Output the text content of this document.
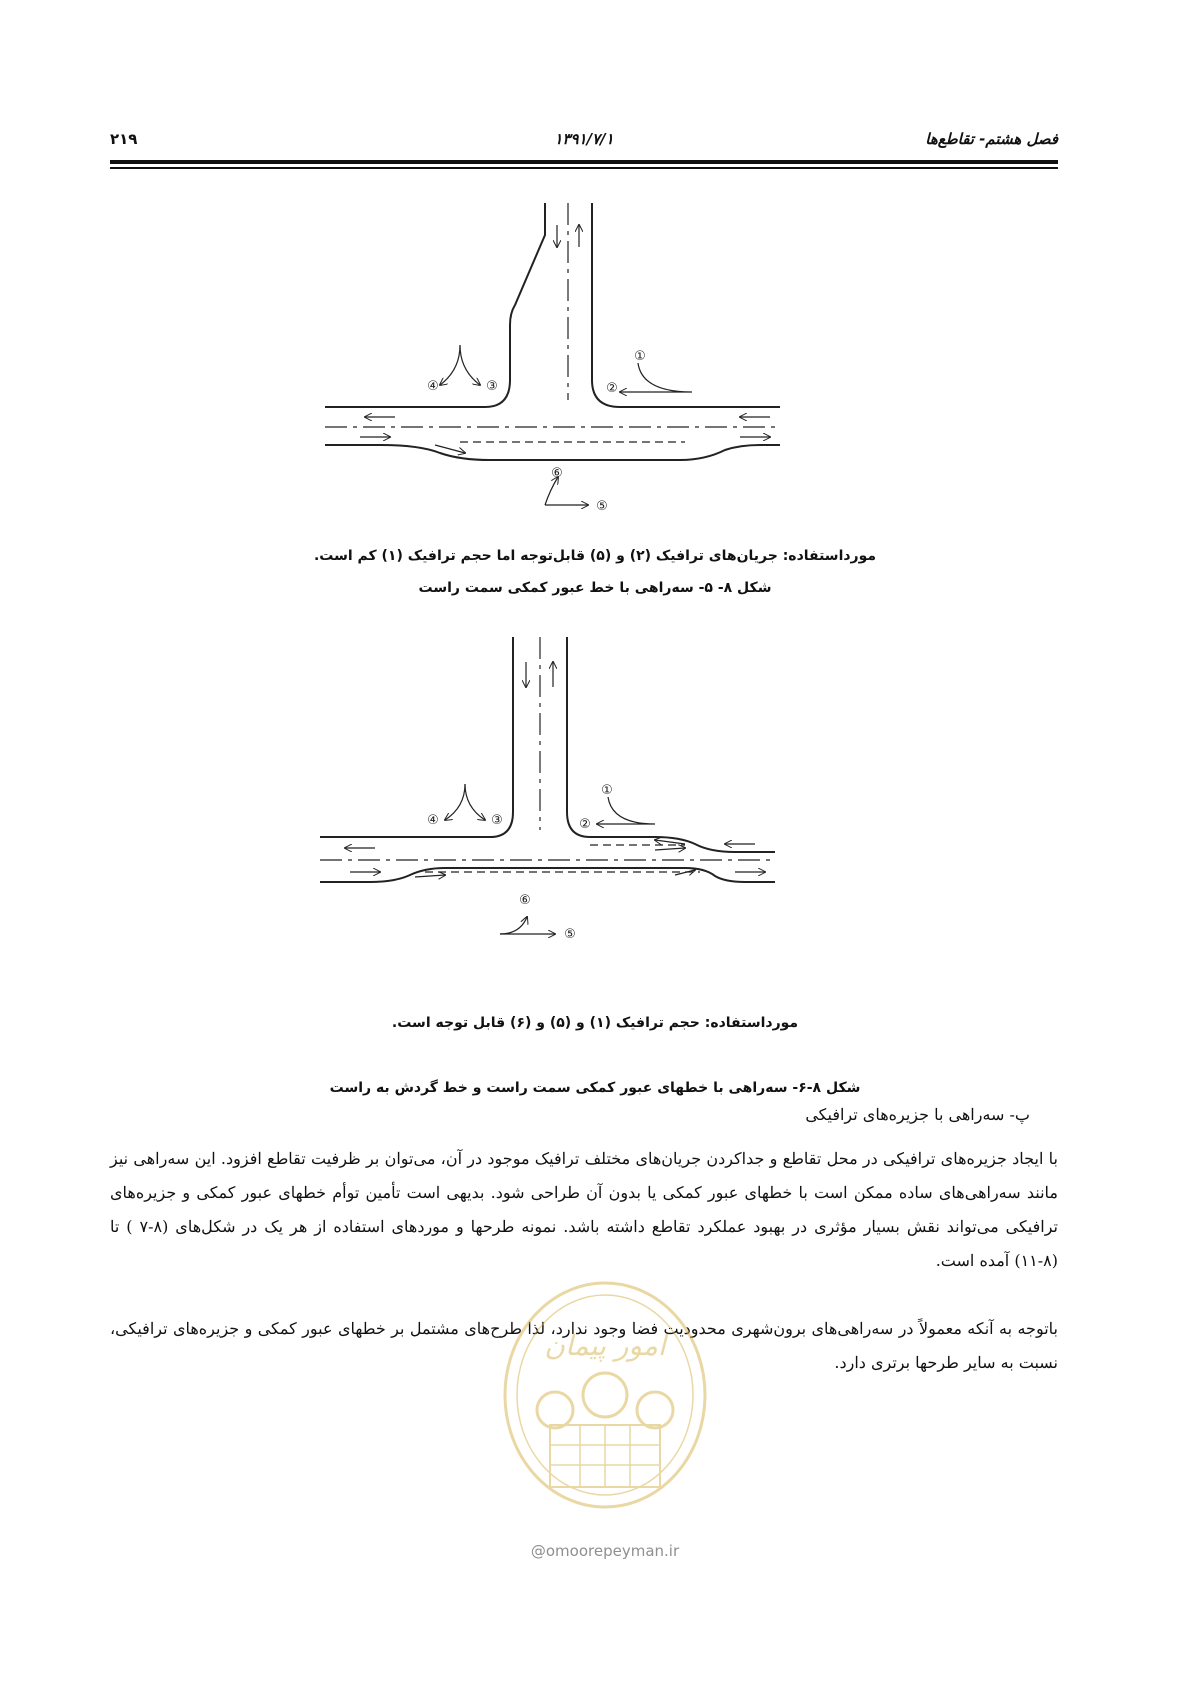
فصل هشتم- تقاطع‌ها
۱۳۹۱/۷/۱
۲۱۹
④	③
①
②
⑥
⑤
مورداستفاده: جریان‌های ترافیک (۲) و (۵) قابل‌توجه اما حجم ترافیک (۱) کم است.
شکل ۸- ۵- سه‌راهی با خط عبور کمکی سمت راست
④	③
①
②
⑥
⑤
مورداستفاده: حجم ترافیک (۱) و (۵) و (۶) قابل توجه است.
شکل ۸-۶- سه‌راهی با خطهای عبور کمکی سمت راست و خط گردش به راست
پ- سه‌راهی با جزیره‌های ترافیکی
با ایجاد جزیره‌های ترافیکی در محل تقاطع و جداکردن جریان‌های مختلف ترافیک موجود در آن، می‌توان بر ظرفیت تقاطع افزود. این سه‌راهی نیز مانند سه‌راهی‌های ساده ممکن است با خطهای عبور کمکی یا بدون آن طراحی شود. بدیهی است تأمین توأم خطهای عبور کمکی و جزیره‌های ترافیکی می‌تواند نقش بسیار مؤثری در بهبود عملکرد تقاطع داشته باشد. نمونه طرحها و موردهای استفاده از هر یک در شکل‌های (۸-۷ ) تا (۸-۱۱) آمده است.
باتوجه به آنکه معمولاً در سه‌راهی‌های برون‌شهری محدودیت فضا وجود ندارد، لذا طرح‌های مشتمل بر خطهای عبور کمکی و جزیره‌های ترافیکی، نسبت به سایر طرحها برتری دارد.
امور پیمان
@omoorepeyman.ir
